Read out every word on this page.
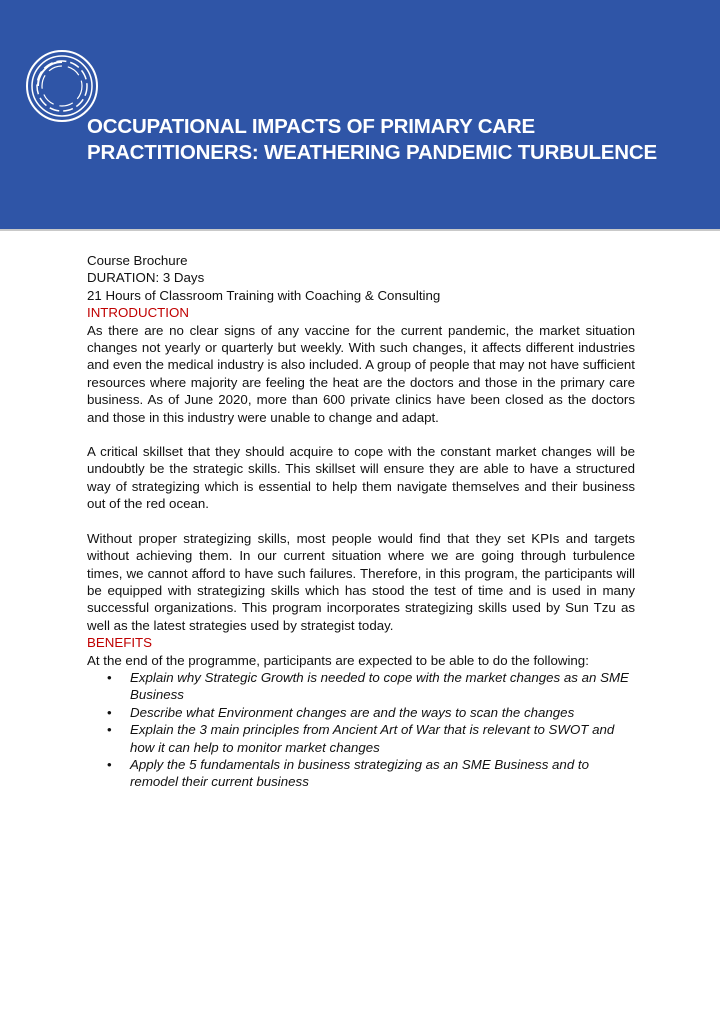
OCCUPATIONAL IMPACTS OF PRIMARY CARE
PRACTITIONERS: WEATHERING PANDEMIC TURBULENCE

Course Brochure

DURATION: 3 Days

21 Hours of Classroom Training with Coaching & Consulting

INTRODUCTION

As there are no clear signs of any vaccine for the current pandemic, the market situation changes not yearly or quarterly but weekly. With such changes, it affects different industries and even the medical industry is also included. A group of people that may not have sufficient resources where majority are feeling the heat are the doctors and those in the primary care business. As of June 2020, more than 600 private clinics have been closed as the doctors and those in this industry were unable to change and adapt.

A critical skillset that they should acquire to cope with the constant market changes will be undoubtly be the strategic skills. This skillset will ensure they are able to have a structured way of strategizing which is essential to help them navigate themselves and their business out of the red ocean.

Without proper strategizing skills, most people would find that they set KPIs and targets without achieving them. In our current situation where we are going through turbulence times, we cannot afford to have such failures. Therefore, in this program, the participants will be equipped with strategizing skills which has stood the test of time and is used in many successful organizations. This program incorporates strategizing skills used by Sun Tzu as well as the latest strategies used by strategist today.

BENEFITS

At the end of the programme, participants are expected to be able to do the following:

• Explain why Strategic Growth is needed to cope with the market changes as an SME Business
• Describe what Environment changes are and the ways to scan the changes
• Explain the 3 main principles from Ancient Art of War that is relevant to SWOT and how it can help to monitor market changes
• Apply the 5 fundamentals in business strategizing as an SME Business and to remodel their current business
